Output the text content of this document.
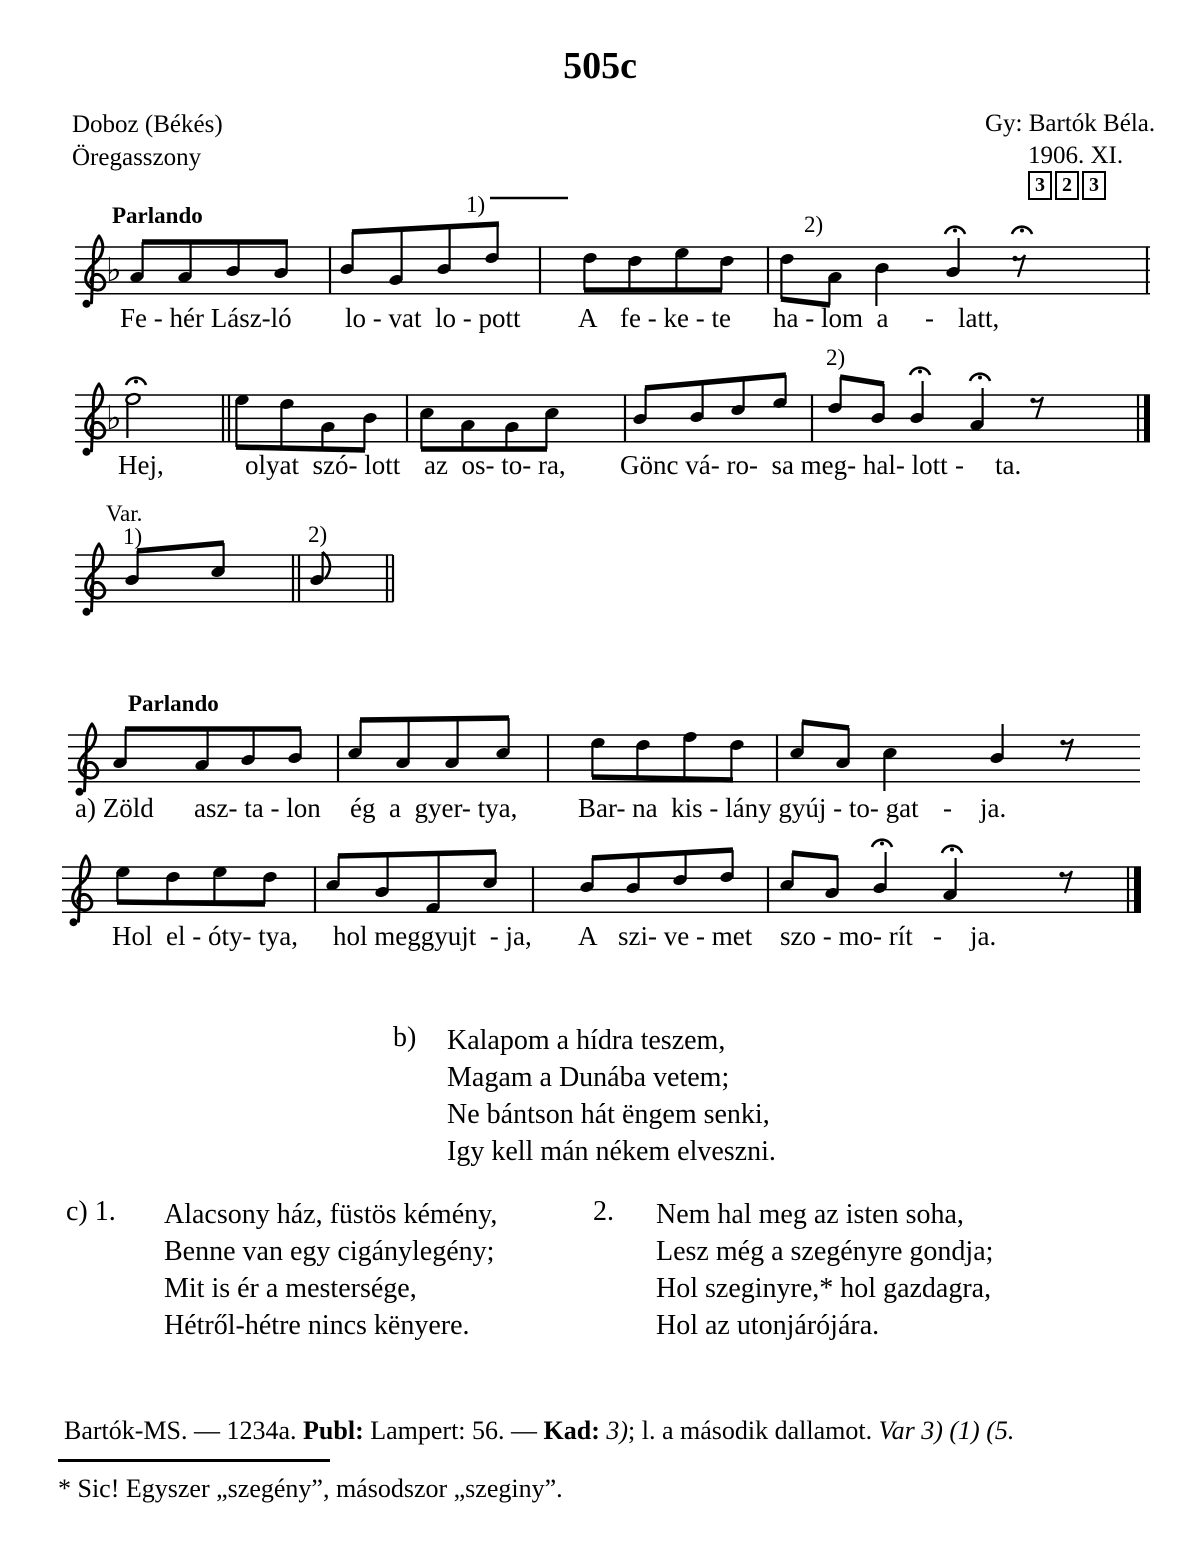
505c
Doboz (Békés)
Öregasszony
Gy: Bartók Béla.
1906. XI.
3 2 3
♭
♭
Parlando	1)
2)
2)
Var.
1)	2)
Parlando
Fe - hér Lász-ló lo - vat  lo - pott A fe - ke - te ha - lom  a - latt,
Hej,	olyat  szó- lott az  os- to- ra, Gönc vá- ro-  sa meg- hal- lott - ta.
a) Zöld asz- ta - lon ég  a  gyer- tya, Bar- na  kis - lány gyúj - to- gat - ja.
Hol  el - óty- tya, hol meggyujt  - ja, A szi- ve - met szo - mo- rít - ja.
b) Kalapom a hídra teszem,
Magam a Dunába vetem;
Ne bántson hát ëngem senki,
Igy kell mán nékem elveszni.
c) 1. Alacsony ház, füstös kémény,
Benne van egy cigánylegény;
Mit is ér a mestersége,
Hétről-hétre nincs kënyere.
2. Nem hal meg az isten soha,
Lesz még a szegényre gondja;
Hol szeginyre,* hol gazdagra,
Hol az utonjárójára.
Bartók-MS. — 1234a. Publ: Lampert: 56. — Kad: 3); l. a második dallamot. Var 3) (1) (5.
* Sic! Egyszer „szegény”, másodszor „szeginy”.
